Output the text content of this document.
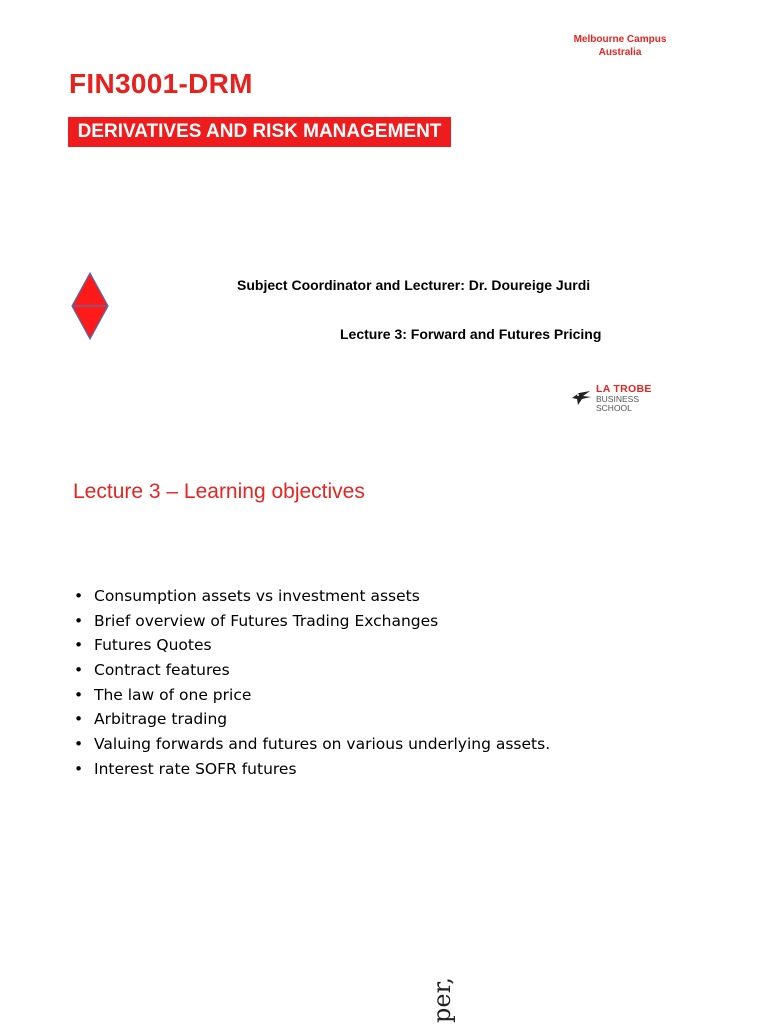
Melbourne Campus
Australia
FIN3001-DRM
DERIVATIVES AND RISK MANAGEMENT
Subject Coordinator and Lecturer: Dr. Doureige Jurdi
Lecture 3: Forward and Futures Pricing
LA TROBE
BUSINESS
SCHOOL
Lecture 3 – Learning objectives
• Consumption assets vs investment assets
• Brief overview of Futures Trading Exchanges
• Futures Quotes
• Contract features
• The law of one price
• Arbitrage trading
• Valuing forwards and futures on various underlying assets.
• Interest rate SOFR futures
per,
